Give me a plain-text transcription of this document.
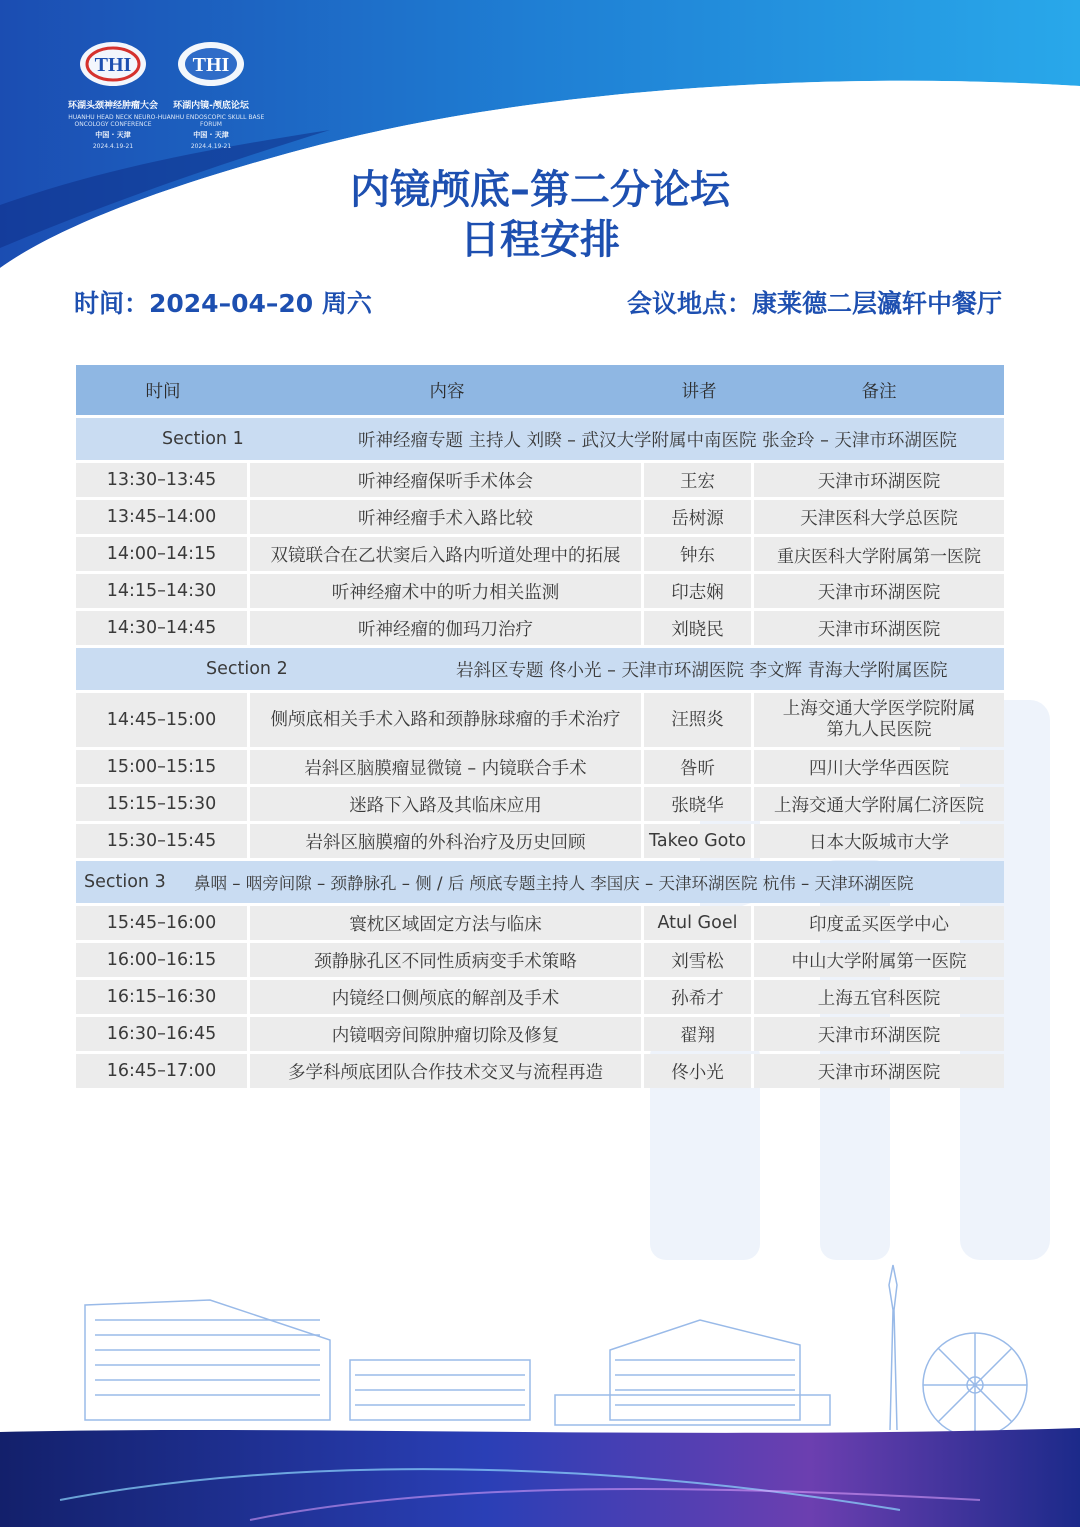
THI
环湖头颈神经肿瘤大会
HUANHU HEAD NECK NEURO-ONCOLOGY CONFERENCE
中国 · 天津
2024.4.19-21
THI
环湖内镜-颅底论坛
HUANHU ENDOSCOPIC SKULL BASE FORUM
中国 · 天津
2024.4.19-21
内镜颅底–第二分论坛
日程安排
时间：2024–04–20 周六	会议地点：康莱德二层瀛轩中餐厅
时间	内容	讲者	备注

Section 1 听神经瘤专题 主持人 刘睽 – 武汉大学附属中南医院 张金玲 – 天津市环湖医院			

13:30–13:45	听神经瘤保听手术体会	王宏	天津市环湖医院
13:45–14:00	听神经瘤手术入路比较	岳树源	天津医科大学总医院
14:00–14:15	双镜联合在乙状窦后入路内听道处理中的拓展	钟东	重庆医科大学附属第一医院
14:15–14:30	听神经瘤术中的听力相关监测	印志娴	天津市环湖医院
14:30–14:45	听神经瘤的伽玛刀治疗	刘晓民	天津市环湖医院

Section 2 岩斜区专题 佟小光 – 天津市环湖医院 李文辉 青海大学附属医院			

14:45–15:00	侧颅底相关手术入路和颈静脉球瘤的手术治疗	汪照炎	上海交通大学医学院附属
第九人民医院
15:00–15:15	岩斜区脑膜瘤显微镜 – 内镜联合手术	昝昕	四川大学华西医院
15:15–15:30	迷路下入路及其临床应用	张晓华	上海交通大学附属仁济医院
15:30–15:45	岩斜区脑膜瘤的外科治疗及历史回顾	Takeo Goto	日本大阪城市大学

Section 3 鼻咽 – 咽旁间隙 – 颈静脉孔 – 侧 / 后 颅底专题主持人 李国庆 – 天津环湖医院 杭伟 – 天津环湖医院			

15:45–16:00	寰枕区域固定方法与临床	Atul Goel	印度孟买医学中心
16:00–16:15	颈静脉孔区不同性质病变手术策略	刘雪松	中山大学附属第一医院
16:15–16:30	内镜经口侧颅底的解剖及手术	孙希才	上海五官科医院
16:30–16:45	内镜咽旁间隙肿瘤切除及修复	翟翔	天津市环湖医院
16:45–17:00	多学科颅底团队合作技术交叉与流程再造	佟小光	天津市环湖医院
